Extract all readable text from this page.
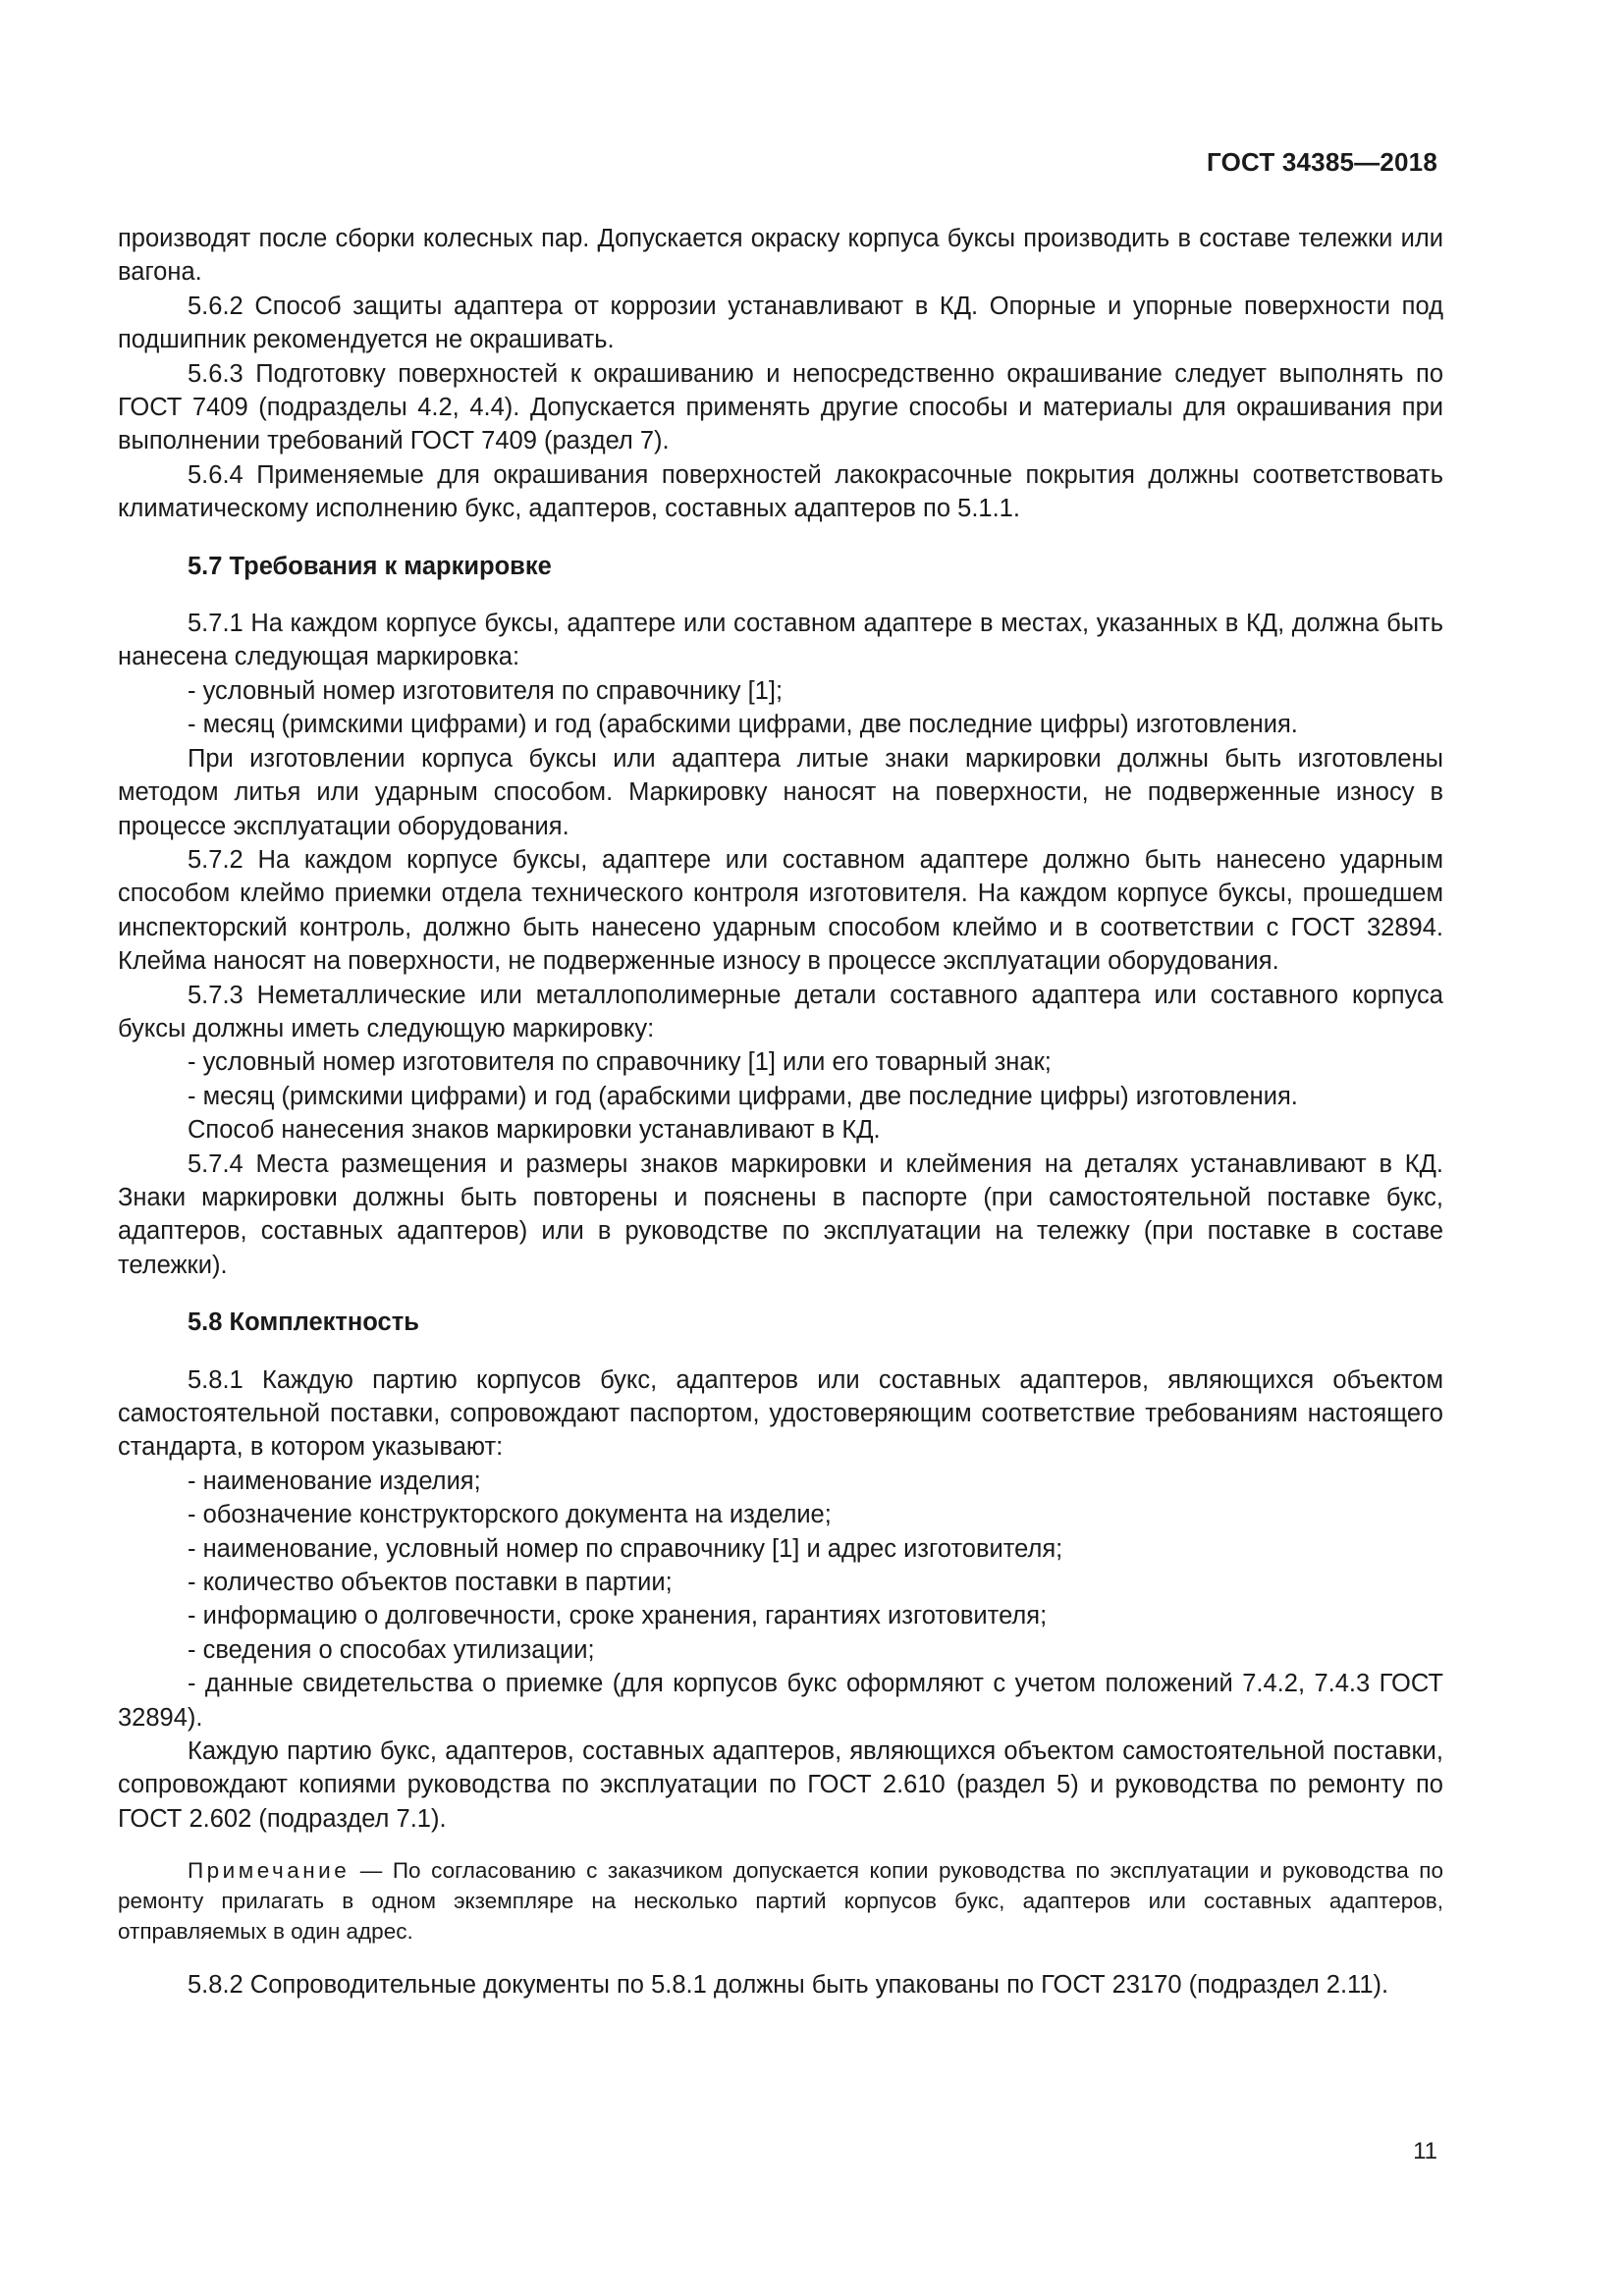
ГОСТ 34385—2018

производят после сборки колесных пар. Допускается окраску корпуса буксы производить в составе тележки или вагона.

5.6.2 Способ защиты адаптера от коррозии устанавливают в КД. Опорные и упорные поверхности под подшипник рекомендуется не окрашивать.

5.6.3 Подготовку поверхностей к окрашиванию и непосредственно окрашивание следует выполнять по ГОСТ 7409 (подразделы 4.2, 4.4). Допускается применять другие способы и материалы для окрашивания при выполнении требований ГОСТ 7409 (раздел 7).

5.6.4 Применяемые для окрашивания поверхностей лакокрасочные покрытия должны соответствовать климатическому исполнению букс, адаптеров, составных адаптеров по 5.1.1.

5.7 Требования к маркировке

5.7.1 На каждом корпусе буксы, адаптере или составном адаптере в местах, указанных в КД, должна быть нанесена следующая маркировка:

- условный номер изготовителя по справочнику [1];

- месяц (римскими цифрами) и год (арабскими цифрами, две последние цифры) изготовления.

При изготовлении корпуса буксы или адаптера литые знаки маркировки должны быть изготовлены методом литья или ударным способом. Маркировку наносят на поверхности, не подверженные износу в процессе эксплуатации оборудования.

5.7.2 На каждом корпусе буксы, адаптере или составном адаптере должно быть нанесено ударным способом клеймо приемки отдела технического контроля изготовителя. На каждом корпусе буксы, прошедшем инспекторский контроль, должно быть нанесено ударным способом клеймо и в соответствии с ГОСТ 32894. Клейма наносят на поверхности, не подверженные износу в процессе эксплуатации оборудования.

5.7.3 Неметаллические или металлополимерные детали составного адаптера или составного корпуса буксы должны иметь следующую маркировку:

- условный номер изготовителя по справочнику [1] или его товарный знак;

- месяц (римскими цифрами) и год (арабскими цифрами, две последние цифры) изготовления.

Способ нанесения знаков маркировки устанавливают в КД.

5.7.4 Места размещения и размеры знаков маркировки и клеймения на деталях устанавливают в КД. Знаки маркировки должны быть повторены и пояснены в паспорте (при самостоятельной поставке букс, адаптеров, составных адаптеров) или в руководстве по эксплуатации на тележку (при поставке в составе тележки).

5.8 Комплектность

5.8.1 Каждую партию корпусов букс, адаптеров или составных адаптеров, являющихся объектом самостоятельной поставки, сопровождают паспортом, удостоверяющим соответствие требованиям настоящего стандарта, в котором указывают:

- наименование изделия;

- обозначение конструкторского документа на изделие;

- наименование, условный номер по справочнику [1] и адрес изготовителя;

- количество объектов поставки в партии;

- информацию о долговечности, сроке хранения, гарантиях изготовителя;

- сведения о способах утилизации;

- данные свидетельства о приемке (для корпусов букс оформляют с учетом положений 7.4.2, 7.4.3 ГОСТ 32894).

Каждую партию букс, адаптеров, составных адаптеров, являющихся объектом самостоятельной поставки, сопровождают копиями руководства по эксплуатации по ГОСТ 2.610 (раздел 5) и руководства по ремонту по ГОСТ 2.602 (подраздел 7.1).

Примечание — По согласованию с заказчиком допускается копии руководства по эксплуатации и руководства по ремонту прилагать в одном экземпляре на несколько партий корпусов букс, адаптеров или составных адаптеров, отправляемых в один адрес.

5.8.2 Сопроводительные документы по 5.8.1 должны быть упакованы по ГОСТ 23170 (подраздел 2.11).

11
